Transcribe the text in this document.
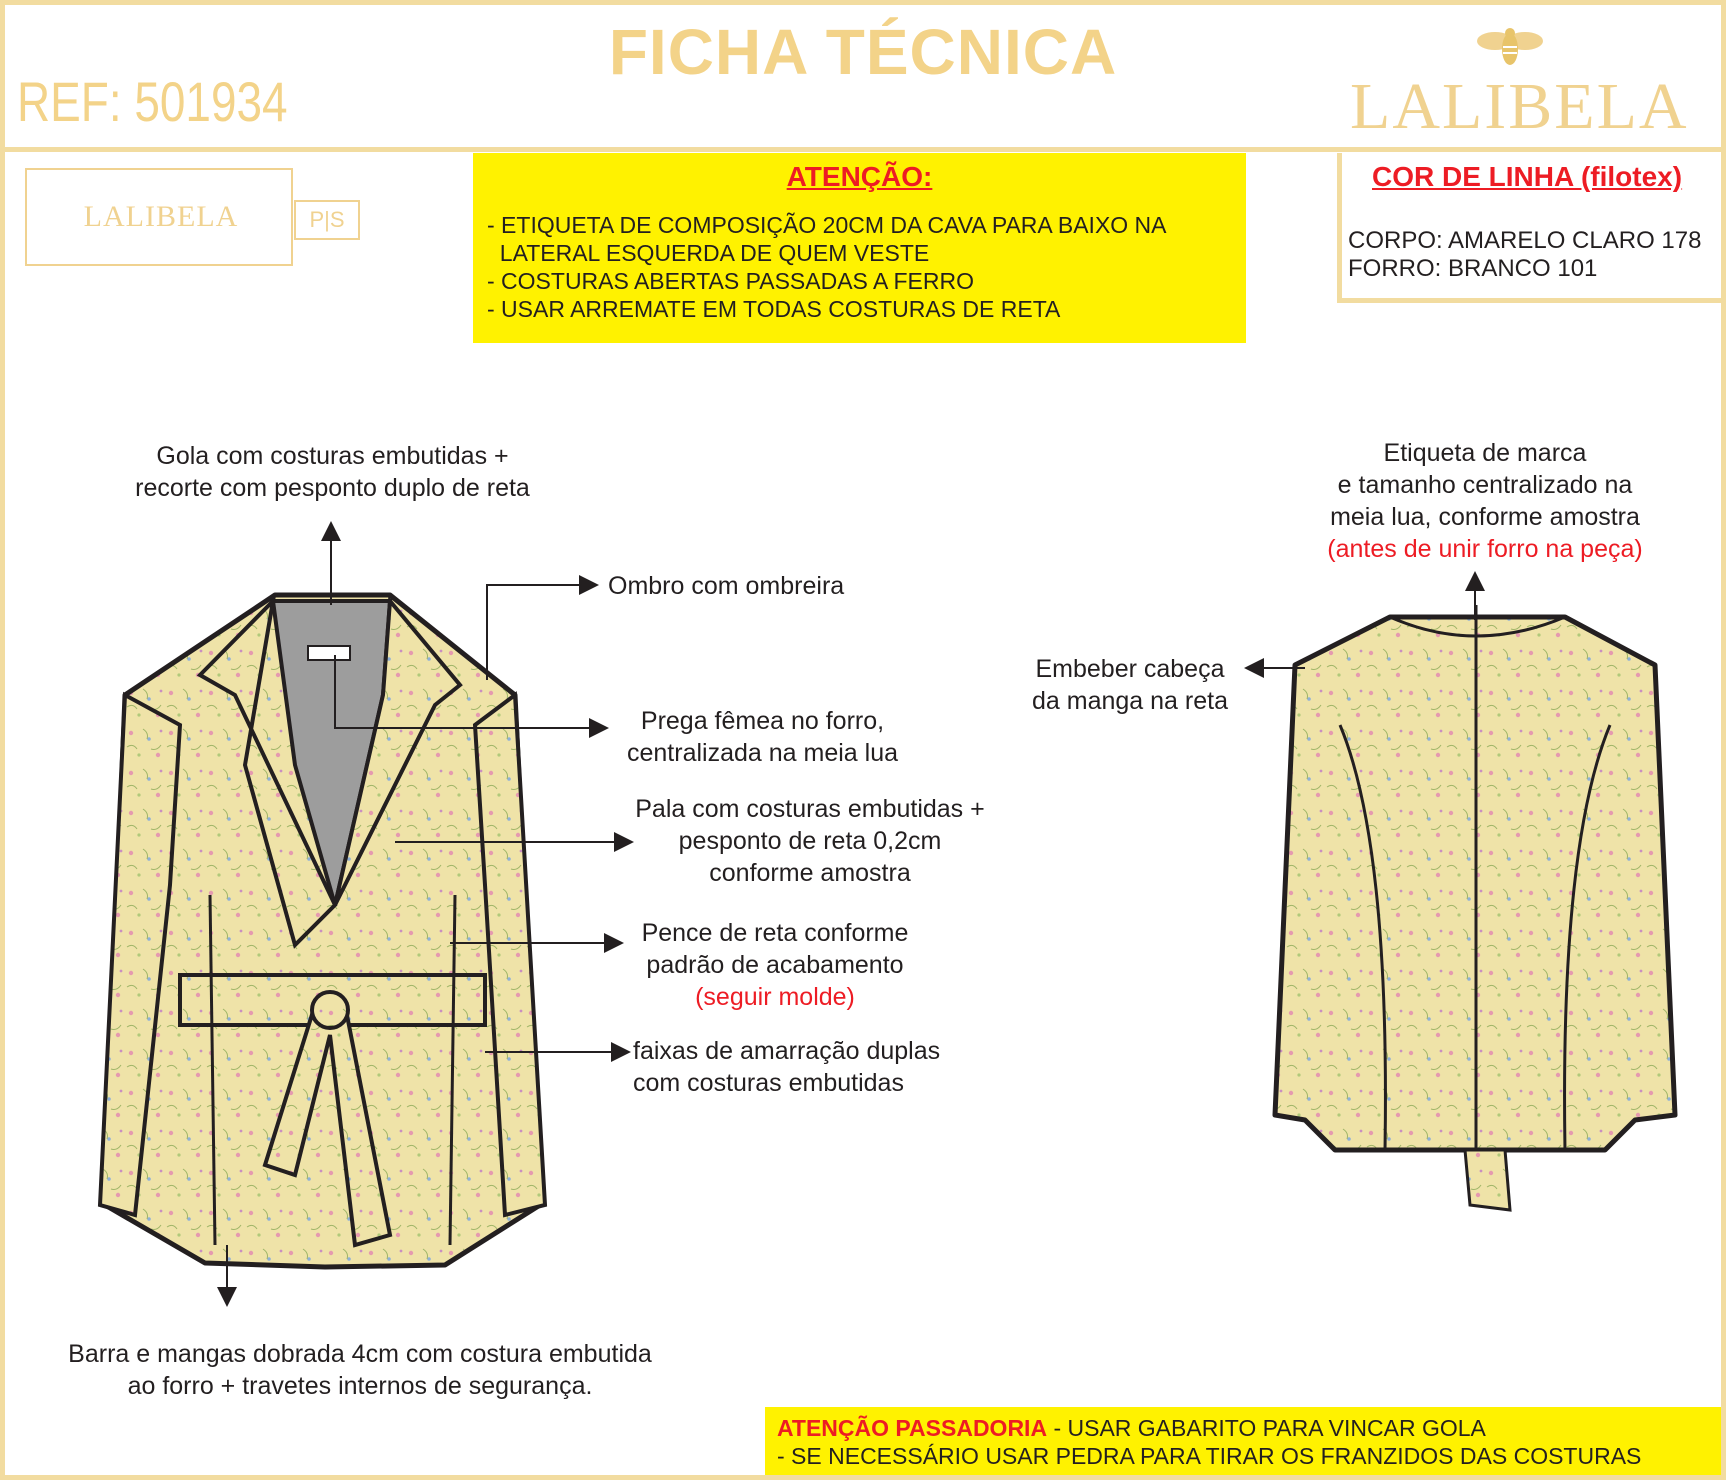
FICHA TÉCNICA
REF: 501934	LALIBELA
LALIBELA	P|S
ATENÇÃO:
- ETIQUETA DE COMPOSIÇÃO 20CM DA CAVA PARA BAIXO NA
LATERAL ESQUERDA DE QUEM VESTE
- COSTURAS ABERTAS PASSADAS A FERRO
- USAR ARREMATE EM TODAS COSTURAS DE RETA
COR DE LINHA (filotex)
CORPO: AMARELO CLARO 178
FORRO: BRANCO 101
Gola com costuras embutidas +
recorte com pesponto duplo de reta
Ombro com ombreira
Prega fêmea no forro,
centralizada na meia lua
Pala com costuras embutidas +
pesponto de reta 0,2cm
conforme amostra
Pence de reta conforme
padrão de acabamento
(seguir molde)
faixas de amarração duplas
com costuras embutidas
Barra e mangas dobrada 4cm com costura embutida
ao forro + travetes internos de segurança.
Etiqueta de marca
e tamanho centralizado na
meia lua, conforme amostra
(antes de unir forro na peça)
Embeber cabeça
da manga na reta
ATENÇÃO PASSADORIA - USAR GABARITO PARA VINCAR GOLA
- SE NECESSÁRIO USAR PEDRA PARA TIRAR OS FRANZIDOS DAS COSTURAS
